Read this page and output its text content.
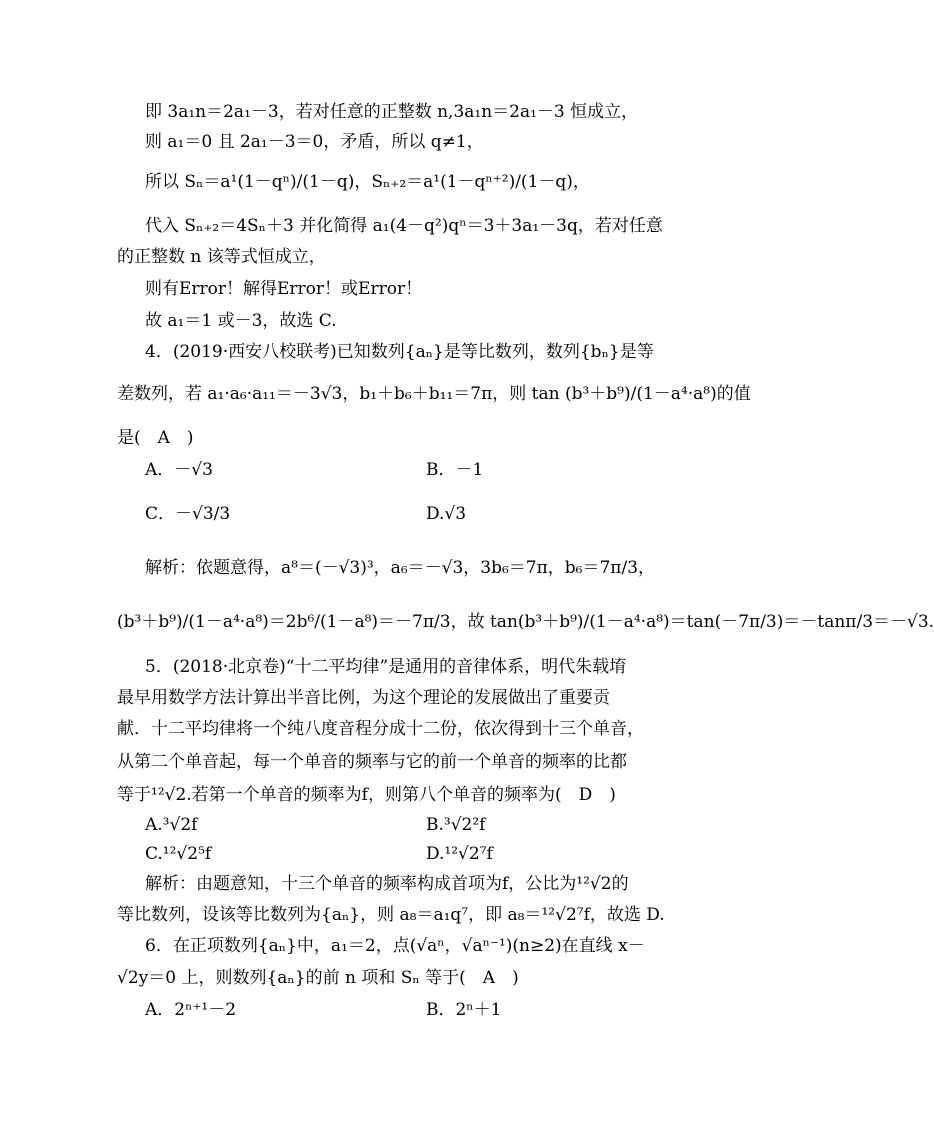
即 3a₁n＝2a₁－3，若对任意的正整数 n,3a₁n＝2a₁－3 恒成立，
则 a₁＝0 且 2a₁－3＝0，矛盾，所以 q≠1，
所以 Sₙ＝a¹(1－qⁿ)/(1－q)，Sₙ₊₂＝a¹(1－qⁿ⁺²)/(1－q)，
代入 Sₙ₊₂＝4Sₙ＋3 并化简得 a₁(4－q²)qⁿ＝3＋3a₁－3q，若对任意
的正整数 n 该等式恒成立，
则有Error！解得Error！或Error！
故 a₁＝1 或－3，故选 C.
4．(2019·西安八校联考)已知数列{aₙ}是等比数列，数列{bₙ}是等
差数列，若 a₁·a₆·a₁₁＝－3√3，b₁＋b₆＋b₁₁＝7π，则 tan (b³＋b⁹)/(1－a⁴·a⁸)的值
是(　A　)
A．－√3	B．－1
C．－√3/3	D.√3
解析：依题意得，a⁸＝(－√3)³，a₆＝－√3，3b₆＝7π，b₆＝7π/3，
(b³＋b⁹)/(1－a⁴·a⁸)＝2b⁶/(1－a⁸)＝－7π/3，故 tan(b³＋b⁹)/(1－a⁴·a⁸)＝tan(－7π/3)＝－tanπ/3＝－√3.
5．(2018·北京卷)“十二平均律”是通用的音律体系，明代朱载堉
最早用数学方法计算出半音比例，为这个理论的发展做出了重要贡
献．十二平均律将一个纯八度音程分成十二份，依次得到十三个单音，
从第二个单音起，每一个单音的频率与它的前一个单音的频率的比都
等于¹²√2.若第一个单音的频率为f，则第八个单音的频率为(　D　)
A.³√2f	B.³√2²f
C.¹²√2⁵f	D.¹²√2⁷f
解析：由题意知，十三个单音的频率构成首项为f，公比为¹²√2的
等比数列，设该等比数列为{aₙ}，则 a₈＝a₁q⁷，即 a₈＝¹²√2⁷f，故选 D.
6．在正项数列{aₙ}中，a₁＝2，点(√aⁿ，√aⁿ⁻¹)(n≥2)在直线 x－
√2y＝0 上，则数列{aₙ}的前 n 项和 Sₙ 等于(　A　)
A．2ⁿ⁺¹－2	B．2ⁿ＋1
